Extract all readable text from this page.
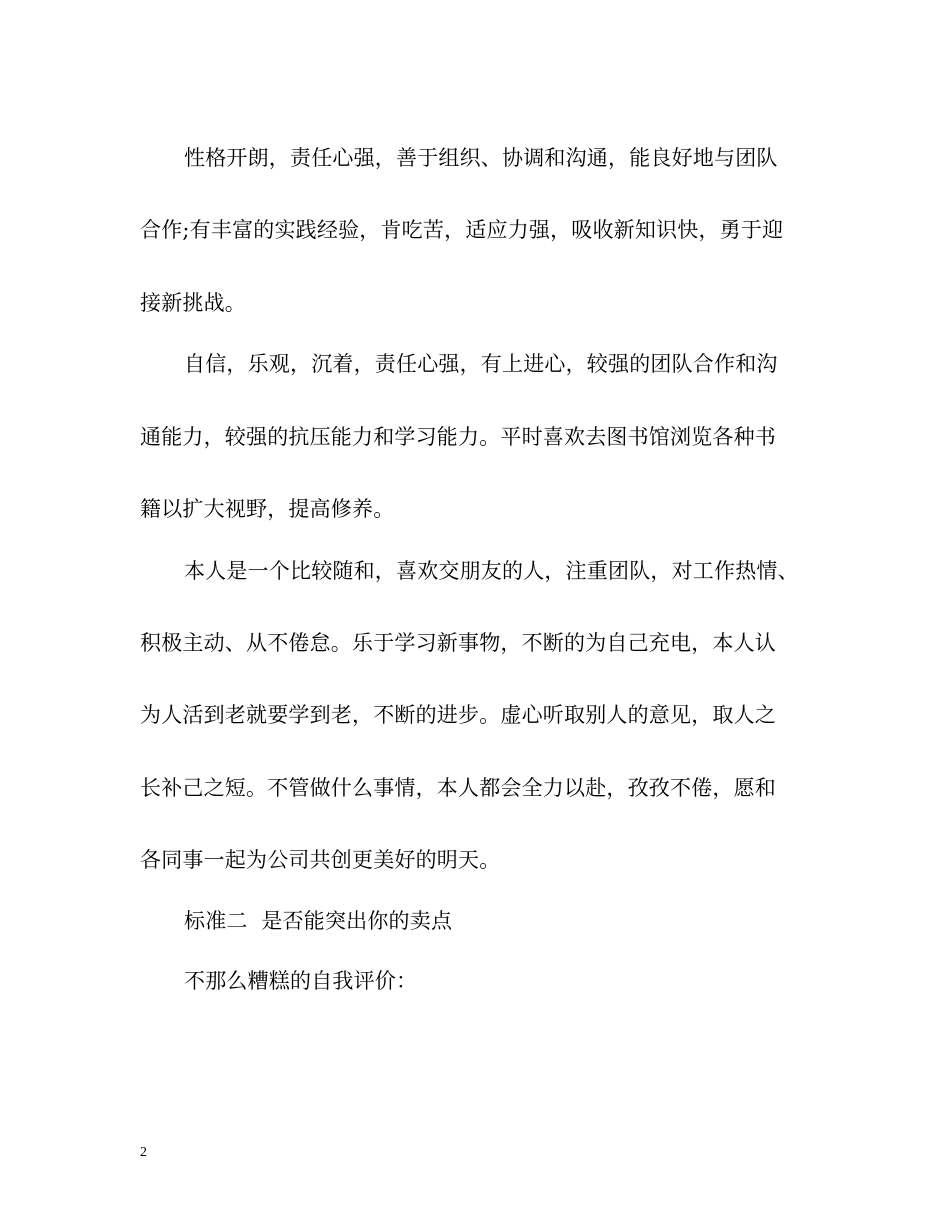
性格开朗，责任心强，善于组织、协调和沟通，能良好地与团队
合作;有丰富的实践经验，肯吃苦，适应力强，吸收新知识快，勇于迎
接新挑战。
自信，乐观，沉着，责任心强，有上进心，较强的团队合作和沟
通能力，较强的抗压能力和学习能力。平时喜欢去图书馆浏览各种书
籍以扩大视野，提高修养。
本人是一个比较随和，喜欢交朋友的人，注重团队，对工作热情、
积极主动、从不倦怠。乐于学习新事物，不断的为自己充电，本人认
为人活到老就要学到老，不断的进步。虚心听取别人的意见，取人之
长补己之短。不管做什么事情，本人都会全力以赴，孜孜不倦，愿和
各同事一起为公司共创更美好的明天。
标准二  是否能突出你的卖点
不那么糟糕的自我评价：
2
